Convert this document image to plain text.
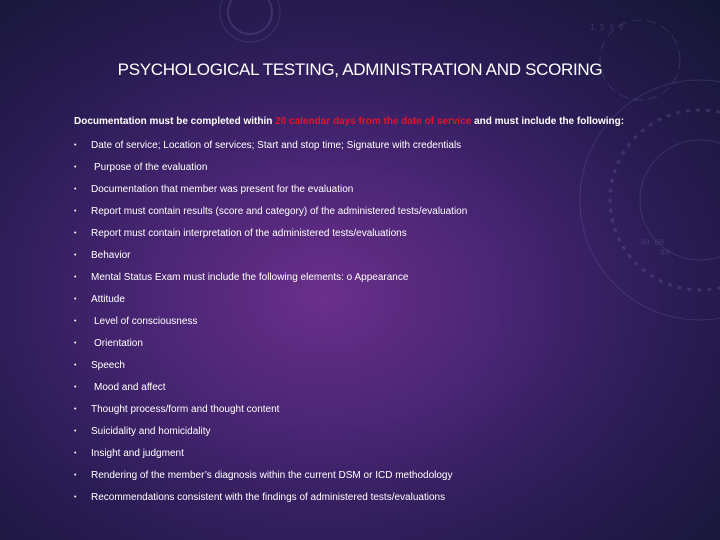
1 5 0 0
40 60
80
PSYCHOLOGICAL TESTING, ADMINISTRATION AND SCORING
Documentation must be completed within 20 calendar days from the date of service and must include the following:
•	Date of service; Location of services; Start and stop time; Signature with credentials
•	Purpose of the evaluation
•	Documentation that member was present for the evaluation
•	Report must contain results (score and category) of the administered tests/evaluation
•	Report must contain interpretation of the administered tests/evaluations
•	Behavior
•	Mental Status Exam must include the following elements: o Appearance
•	Attitude
•	Level of consciousness
•	Orientation
•	Speech
•	Mood and affect
•	Thought process/form and thought content
•	Suicidality and homicidality
•	Insight and judgment
•	Rendering of the member’s diagnosis within the current DSM or ICD methodology
•	Recommendations consistent with the findings of administered tests/evaluations
